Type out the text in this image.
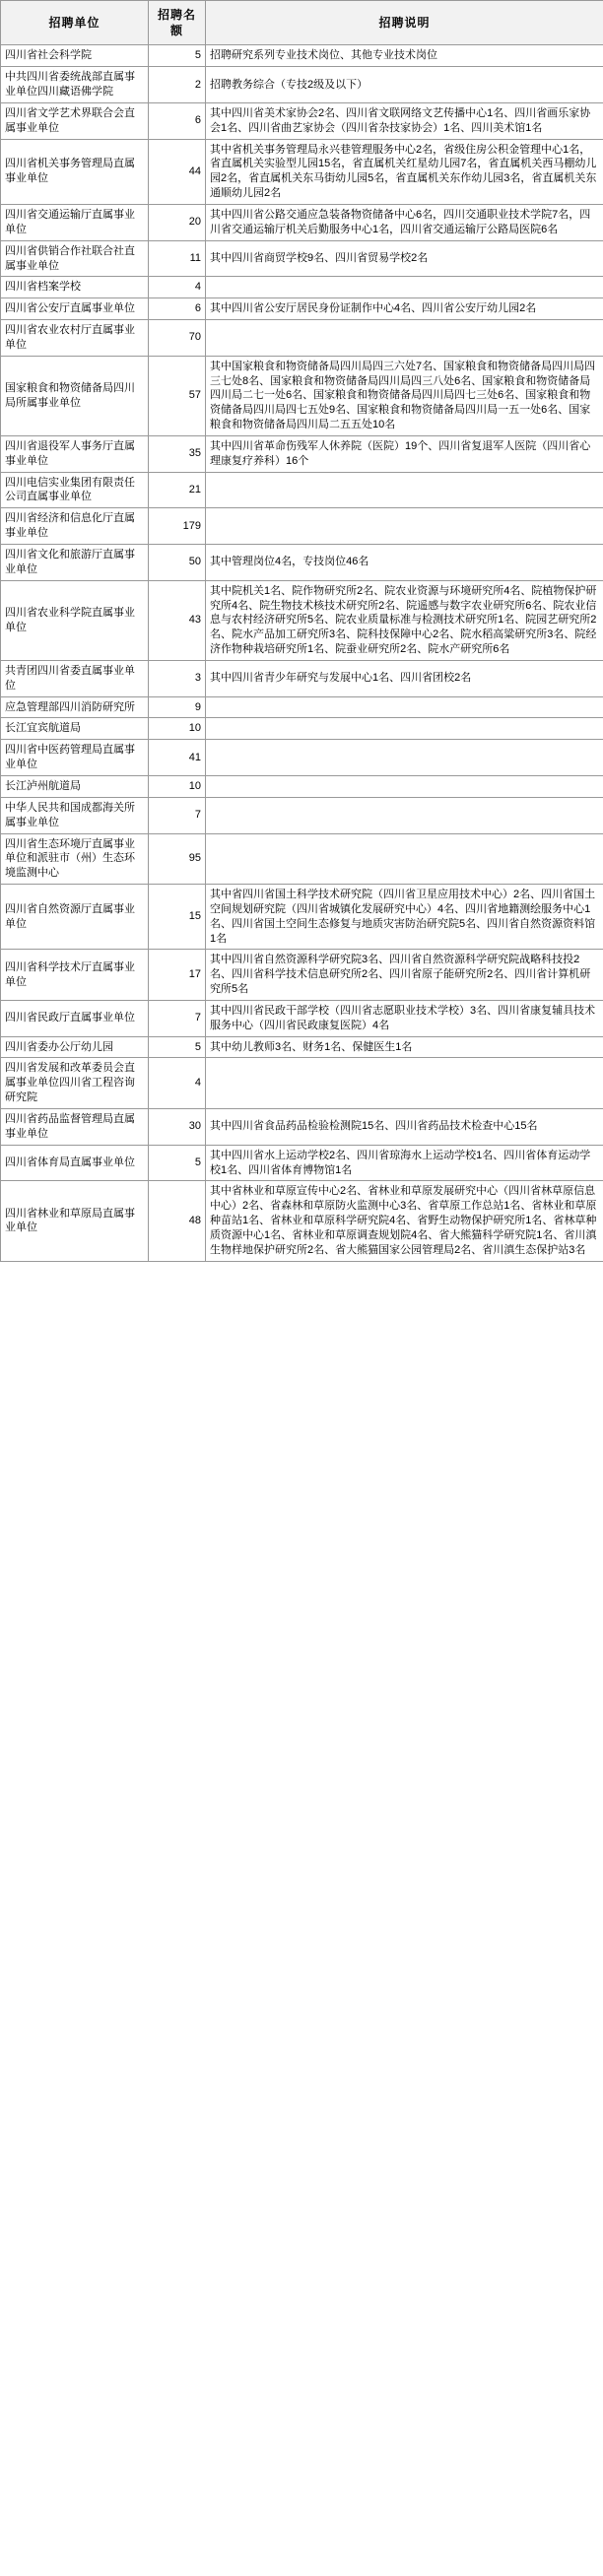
招聘单位	招聘名额	招聘说明
四川省社会科学院	5	招聘研究系列专业技术岗位、其他专业技术岗位
中共四川省委统战部直属事业单位四川藏语佛学院	2	招聘教务综合（专技2级及以下）
四川省文学艺术界联合会直属事业单位	6	其中四川省美术家协会2名、四川省文联网络文艺传播中心1名、四川省画乐家协会1名、四川省曲艺家协会（四川省杂技家协会）1名、四川美术馆1名
四川省机关事务管理局直属事业单位	44	其中省机关事务管理局永兴巷管理服务中心2名，省级住房公积金管理中心1名，省直属机关实验型儿园15名，省直属机关红星幼儿园7名，省直属机关西马棚幼儿园2名，省直属机关东马街幼儿园5名，省直属机关东作幼儿园3名，省直属机关东通顺幼儿园2名
四川省交通运输厅直属事业单位	20	其中四川省公路交通应急装备物资储备中心6名，四川交通职业技术学院7名，四川省交通运输厅机关后勤服务中心1名，四川省交通运输厅公路局医院6名
四川省供销合作社联合社直属事业单位	11	其中四川省商贸学校9名、四川省贸易学校2名
四川省档案学校	4	
四川省公安厅直属事业单位	6	其中四川省公安厅居民身份证制作中心4名、四川省公安厅幼儿园2名
四川省农业农村厅直属事业单位	70	
国家粮食和物资储备局四川局所属事业单位	57	其中国家粮食和物资储备局四川局四三六处7名、国家粮食和物资储备局四川局四三七处8名、国家粮食和物资储备局四川局四三八处6名、国家粮食和物资储备局四川局二七一处6名、国家粮食和物资储备局四川局四七三处6名、国家粮食和物资储备局四川局四七五处9名、国家粮食和物资储备局四川局一五一处6名、国家粮食和物资储备局四川局二五五处10名
四川省退役军人事务厅直属事业单位	35	其中四川省革命伤残军人休养院（医院）19个、四川省复退军人医院（四川省心理康复疗养科）16个
四川电信实业集团有限责任公司直属事业单位	21	
四川省经济和信息化厅直属事业单位	179	
四川省文化和旅游厅直属事业单位	50	其中管理岗位4名，专技岗位46名
四川省农业科学院直属事业单位	43	其中院机关1名、院作物研究所2名、院农业资源与环境研究所4名、院植物保护研究所4名、院生物技术核技术研究所2名、院遥感与数字农业研究所6名、院农业信息与农村经济研究所5名、院农业质量标准与检测技术研究所1名、院园艺研究所2名、院水产品加工研究所3名、院科技保障中心2名、院水稻高粱研究所3名、院经济作物种栽培研究所1名、院蚕业研究所2名、院水产研究所6名
共青团四川省委直属事业单位	3	其中四川省青少年研究与发展中心1名、四川省团校2名
应急管理部四川消防研究所	9	
长江宜宾航道局	10	
四川省中医药管理局直属事业单位	41	
长江泸州航道局	10	
中华人民共和国成都海关所属事业单位	7	
四川省生态环境厅直属事业单位和派驻市（州）生态环境监测中心	95	
四川省自然资源厅直属事业单位	15	其中省四川省国土科学技术研究院（四川省卫星应用技术中心）2名、四川省国土空间规划研究院（四川省城镇化发展研究中心）4名、四川省地籍测绘服务中心1名、四川省国土空间生态修复与地质灾害防治研究院5名、四川省自然资源资料馆1名
四川省科学技术厅直属事业单位	17	其中四川省自然资源科学研究院3名、四川省自然资源科学研究院战略科技投2名、四川省科学技术信息研究所2名、四川省原子能研究所2名、四川省计算机研究所5名
四川省民政厅直属事业单位	7	其中四川省民政干部学校（四川省志愿职业技术学校）3名、四川省康复辅具技术服务中心（四川省民政康复医院）4名
四川省委办公厅幼儿园	5	其中幼儿教师3名、财务1名、保健医生1名
四川省发展和改革委员会直属事业单位四川省工程咨询研究院	4	
四川省药品监督管理局直属事业单位	30	其中四川省食品药品检验检测院15名、四川省药品技术检查中心15名
四川省体育局直属事业单位	5	其中四川省水上运动学校2名、四川省琼海水上运动学校1名、四川省体育运动学校1名、四川省体育博物馆1名
四川省林业和草原局直属事业单位	48	其中省林业和草原宣传中心2名、省林业和草原发展研究中心（四川省林草原信息中心）2名、省森林和草原防火监测中心3名、省草原工作总站1名、省林业和草原种苗站1名、省林业和草原科学研究院4名、省野生动物保护研究所1名、省林草种质资源中心1名、省林业和草原调查规划院4名、省大熊猫科学研究院1名、省川滇生物样地保护研究所2名、省大熊猫国家公园管理局2名、省川滇生态保护站3名
